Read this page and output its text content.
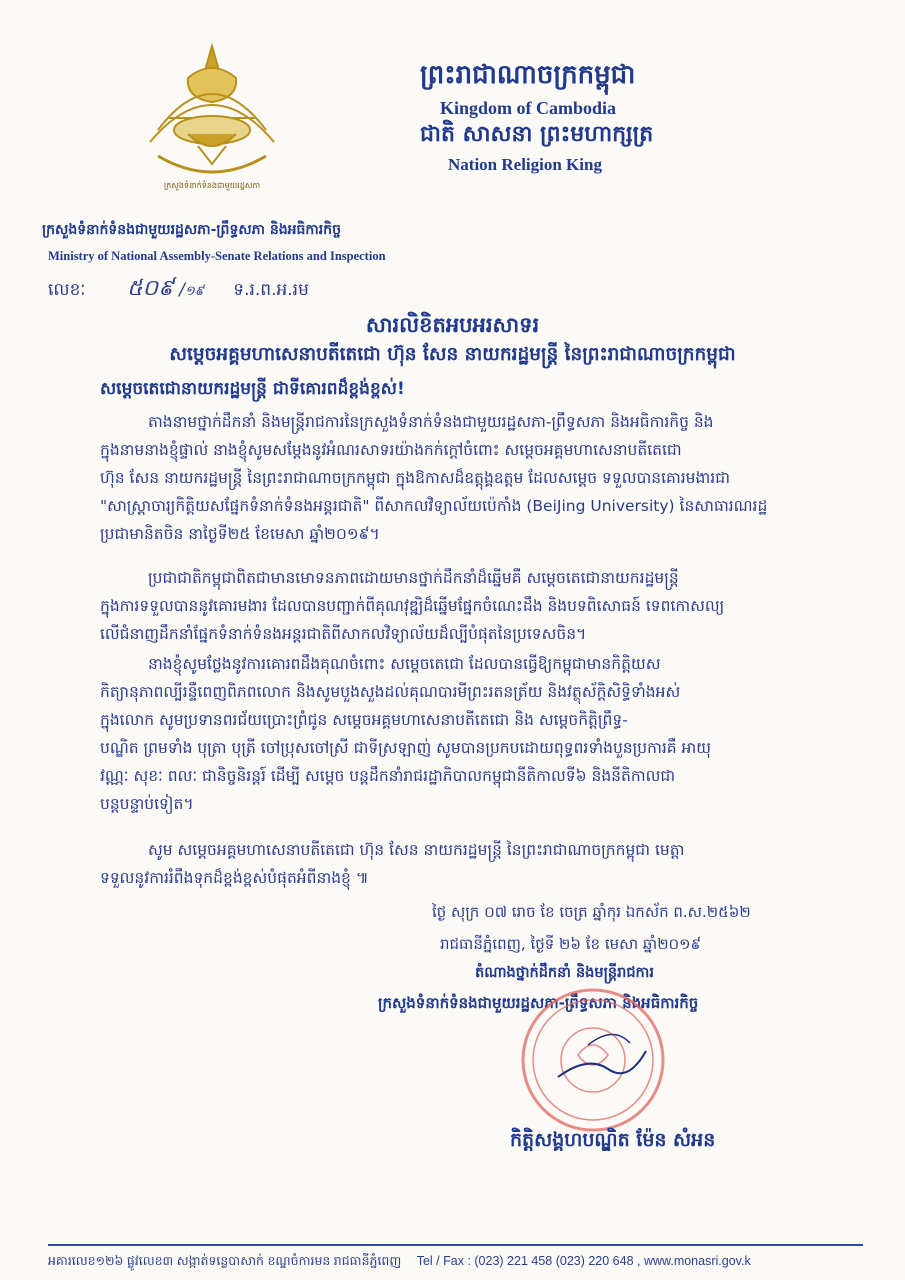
ក្រសួងទំនាក់ទំនងជាមួយរដ្ឋសភា
ព្រះរាជាណាចក្រកម្ពុជា
Kingdom of Cambodia
ជាតិ សាសនា ព្រះមហាក្សត្រ
Nation Religion King
ក្រសួងទំនាក់ទំនងជាមួយរដ្ឋសភា-ព្រឹទ្ធសភា និងអធិការកិច្ច
Ministry of National Assembly-Senate Relations and Inspection
លេខៈ ៥០៩ /១៩ ទ.រ.ព.អ.រម
សារលិខិតអបអរសាទរ
សម្តេចអគ្គមហាសេនាបតីតេជោ ហ៊ុន សែន នាយករដ្ឋមន្ត្រី នៃព្រះរាជាណាចក្រកម្ពុជា
សម្តេចតេជោនាយករដ្ឋមន្ត្រី ជាទីគោរពដ៏ខ្ពង់ខ្ពស់!
តាងនាមថ្នាក់ដឹកនាំ និងមន្ត្រីរាជការនៃក្រសួងទំនាក់ទំនងជាមួយរដ្ឋសភា-ព្រឹទ្ធសភា និងអធិការកិច្ច និង
ក្នុងនាមនាងខ្ញុំផ្ទាល់ នាងខ្ញុំសូមសម្តែងនូវអំណរសាទរយ៉ាងកក់ក្តៅចំពោះ សម្តេចអគ្គមហាសេនាបតីតេជោ
ហ៊ុន សែន នាយករដ្ឋមន្ត្រី នៃព្រះរាជាណាចក្រកម្ពុជា ក្នុងឱកាសដ៏ឧត្តុង្គឧត្តម ដែលសម្តេច ទទួលបានគោរមងារជា
"សាស្ត្រាចារ្យកិត្តិយសផ្នែកទំនាក់ទំនងអន្តរជាតិ" ពីសាកលវិទ្យាល័យប៉េកាំង (BeiJing University) នៃសាធារណរដ្ឋ
ប្រជាមានិតចិន នាថ្ងៃទី២៥ ខែមេសា ឆ្នាំ២០១៩។
ប្រជាជាតិកម្ពុជាពិតជាមានមោទនភាពដោយមានថ្នាក់ដឹកនាំដ៏ឆ្នើមគឺ សម្តេចតេជោនាយករដ្ឋមន្ត្រី
ក្នុងការទទួលបាននូវគោរមងារ ដែលបានបញ្ជាក់ពីគុណវុឌ្ឍិដ៏ឆ្នើមផ្នែកចំណេះដឹង និងបទពិសោធន៍ ទេពកោសល្យ
លើជំនាញដឹកនាំផ្នែកទំនាក់ទំនងអន្តរជាតិពីសាកលវិទ្យាល័យដ៏ល្បីបំផុតនៃប្រទេសចិន។
នាងខ្ញុំសូមថ្លែងនូវការគោរពដឹងគុណចំពោះ សម្តេចតេជោ ដែលបានធ្វើឱ្យកម្ពុជាមានកិត្តិយស
កិត្យានុភាពល្បីរន្ទឺពេញពិភពលោក និងសូមបួងសួងដល់គុណបារមីព្រះរតនត្រ័យ និងវត្ថុស័ក្តិសិទ្ធិទាំងអស់
ក្នុងលោក សូមប្រទានពរជ័យប្រោះព្រំជូន សម្តេចអគ្គមហាសេនាបតីតេជោ និង សម្តេចកិត្តិព្រឹទ្ធ-
បណ្ឌិត ព្រមទាំង បុត្រា បុត្រី ចៅប្រុសចៅស្រី ជាទីស្រឡាញ់ សូមបានប្រកបដោយពុទ្ធពរទាំងបួនប្រការគឺ អាយុ
វណ្ណៈ សុខៈ ពលៈ ជានិច្ចនិរន្តរ៍ ដើម្បី សម្តេច បន្តដឹកនាំរាជរដ្ឋាភិបាលកម្ពុជានីតិកាលទី៦ និងនីតិកាលជា
បន្តបន្ទាប់ទៀត។
សូម សម្តេចអគ្គមហាសេនាបតីតេជោ ហ៊ុន សែន នាយករដ្ឋមន្ត្រី នៃព្រះរាជាណាចក្រកម្ពុជា មេត្តា
ទទួលនូវការរំពឹងទុកដ៏ខ្ពង់ខ្ពស់បំផុតអំពីនាងខ្ញុំ ៕
ថ្ងៃ សុក្រ ០៧ រោច ខែ ចេត្រ ឆ្នាំកុរ ឯកស័ក ព.ស.២៥៦២
រាជធានីភ្នំពេញ, ថ្ងៃទី ២៦ ខែ មេសា ឆ្នាំ២០១៩
តំណាងថ្នាក់ដឹកនាំ និងមន្ត្រីរាជការ
ក្រសួងទំនាក់ទំនងជាមួយរដ្ឋសភា-ព្រឹទ្ធសភា និងអធិការកិច្ច
កិត្តិសង្គហបណ្ឌិត ម៉ែន សំអន
អគារលេខ១២៦ ផ្លូវលេខ៣ សង្កាត់ទន្លេបាសាក់ ខណ្ឌចំការមន រាជធានីភ្នំពេញ Tel / Fax : (023) 221 458 (023) 220 648 , www.monasri.gov.k
